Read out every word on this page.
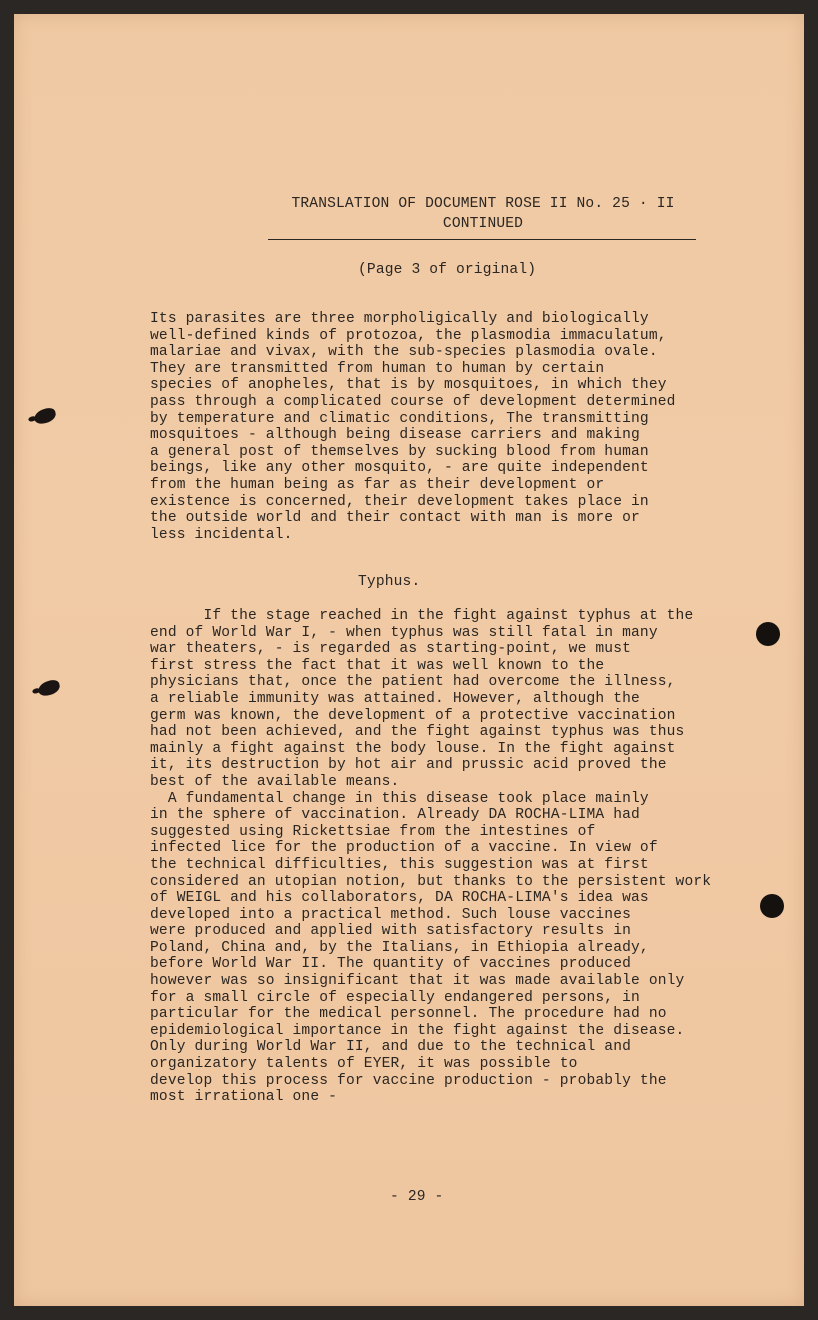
TRANSLATION OF DOCUMENT ROSE II No. 25 · II
CONTINUED
(Page 3 of original)
Its parasites are three morpholigically and biologically
well-defined kinds of protozoa, the plasmodia immaculatum,
malariae and vivax, with the sub-species plasmodia ovale.
They are transmitted from human to human by certain
species of anopheles, that is by mosquitoes, in which they
pass through a complicated course of development determined
by temperature and climatic conditions, The transmitting
mosquitoes - although being disease carriers and making
a general post of themselves by sucking blood from human
beings, like any other mosquito, - are quite independent
from the human being as far as their development or
existence is concerned, their development takes place in
the outside world and their contact with man is more or
less incidental.
Typhus.
If the stage reached in the fight against typhus at the
end of World War I, - when typhus was still fatal in many
war theaters, - is regarded as starting-point, we must
first stress the fact that it was well known to the
physicians that, once the patient had overcome the illness,
a reliable immunity was attained. However, although the
germ was known, the development of a protective vaccination
had not been achieved, and the fight against typhus was thus
mainly a fight against the body louse. In the fight against
it, its destruction by hot air and prussic acid proved the
best of the available means.
A fundamental change in this disease took place mainly
in the sphere of vaccination. Already DA ROCHA-LIMA had
suggested using Rickettsiae from the intestines of
infected lice for the production of a vaccine. In view of
the technical difficulties, this suggestion was at first
considered an utopian notion, but thanks to the persistent work
of WEIGL and his collaborators, DA ROCHA-LIMA's idea was
developed into a practical method. Such louse vaccines
were produced and applied with satisfactory results in
Poland, China and, by the Italians, in Ethiopia already,
before World War II. The quantity of vaccines produced
however was so insignificant that it was made available only
for a small circle of especially endangered persons, in
particular for the medical personnel. The procedure had no
epidemiological importance in the fight against the disease.
Only during World War II, and due to the technical and
organizatory talents of EYER, it was possible to
develop this process for vaccine production - probably the
most irrational one -
- 29 -
